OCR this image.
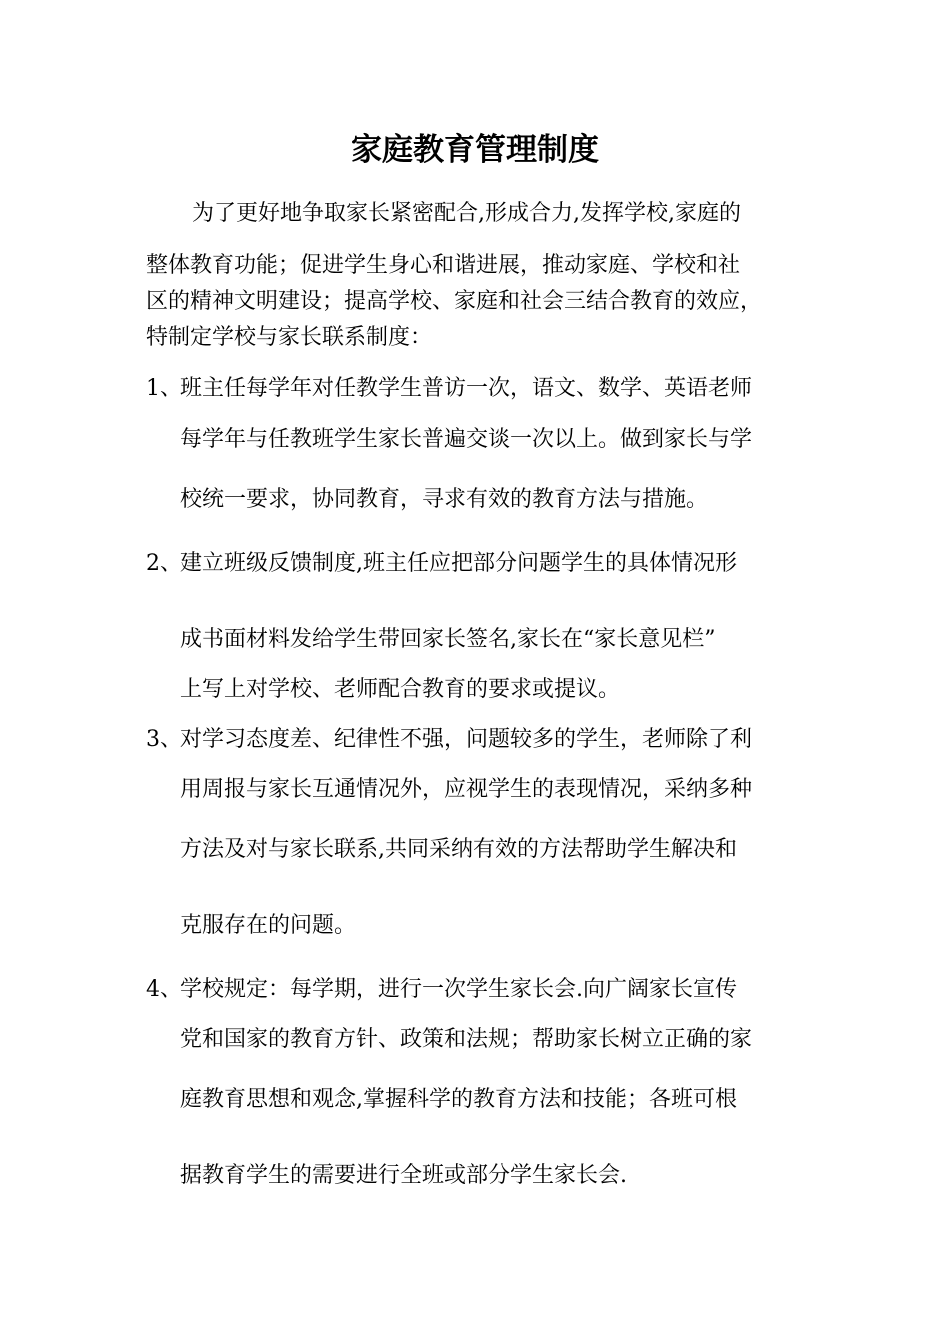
家庭教育管理制度
为了更好地争取家长紧密配合,形成合力,发挥学校,家庭的
整体教育功能；促进学生身心和谐进展，推动家庭、学校和社
区的精神文明建设；提高学校、家庭和社会三结合教育的效应，
特制定学校与家长联系制度：
1、
班主任每学年对任教学生普访一次，语文、数学、英语老师
每学年与任教班学生家长普遍交谈一次以上。做到家长与学
校统一要求，协同教育，寻求有效的教育方法与措施。
2、
建立班级反馈制度,班主任应把部分问题学生的具体情况形
成书面材料发给学生带回家长签名,家长在“家长意见栏”
上写上对学校、老师配合教育的要求或提议。
3、
对学习态度差、纪律性不强，问题较多的学生，老师除了利
用周报与家长互通情况外，应视学生的表现情况，采纳多种
方法及对与家长联系,共同采纳有效的方法帮助学生解决和
克服存在的问题。
4、
学校规定：每学期，进行一次学生家长会.向广阔家长宣传
党和国家的教育方针、政策和法规；帮助家长树立正确的家
庭教育思想和观念,掌握科学的教育方法和技能；各班可根
据教育学生的需要进行全班或部分学生家长会.
